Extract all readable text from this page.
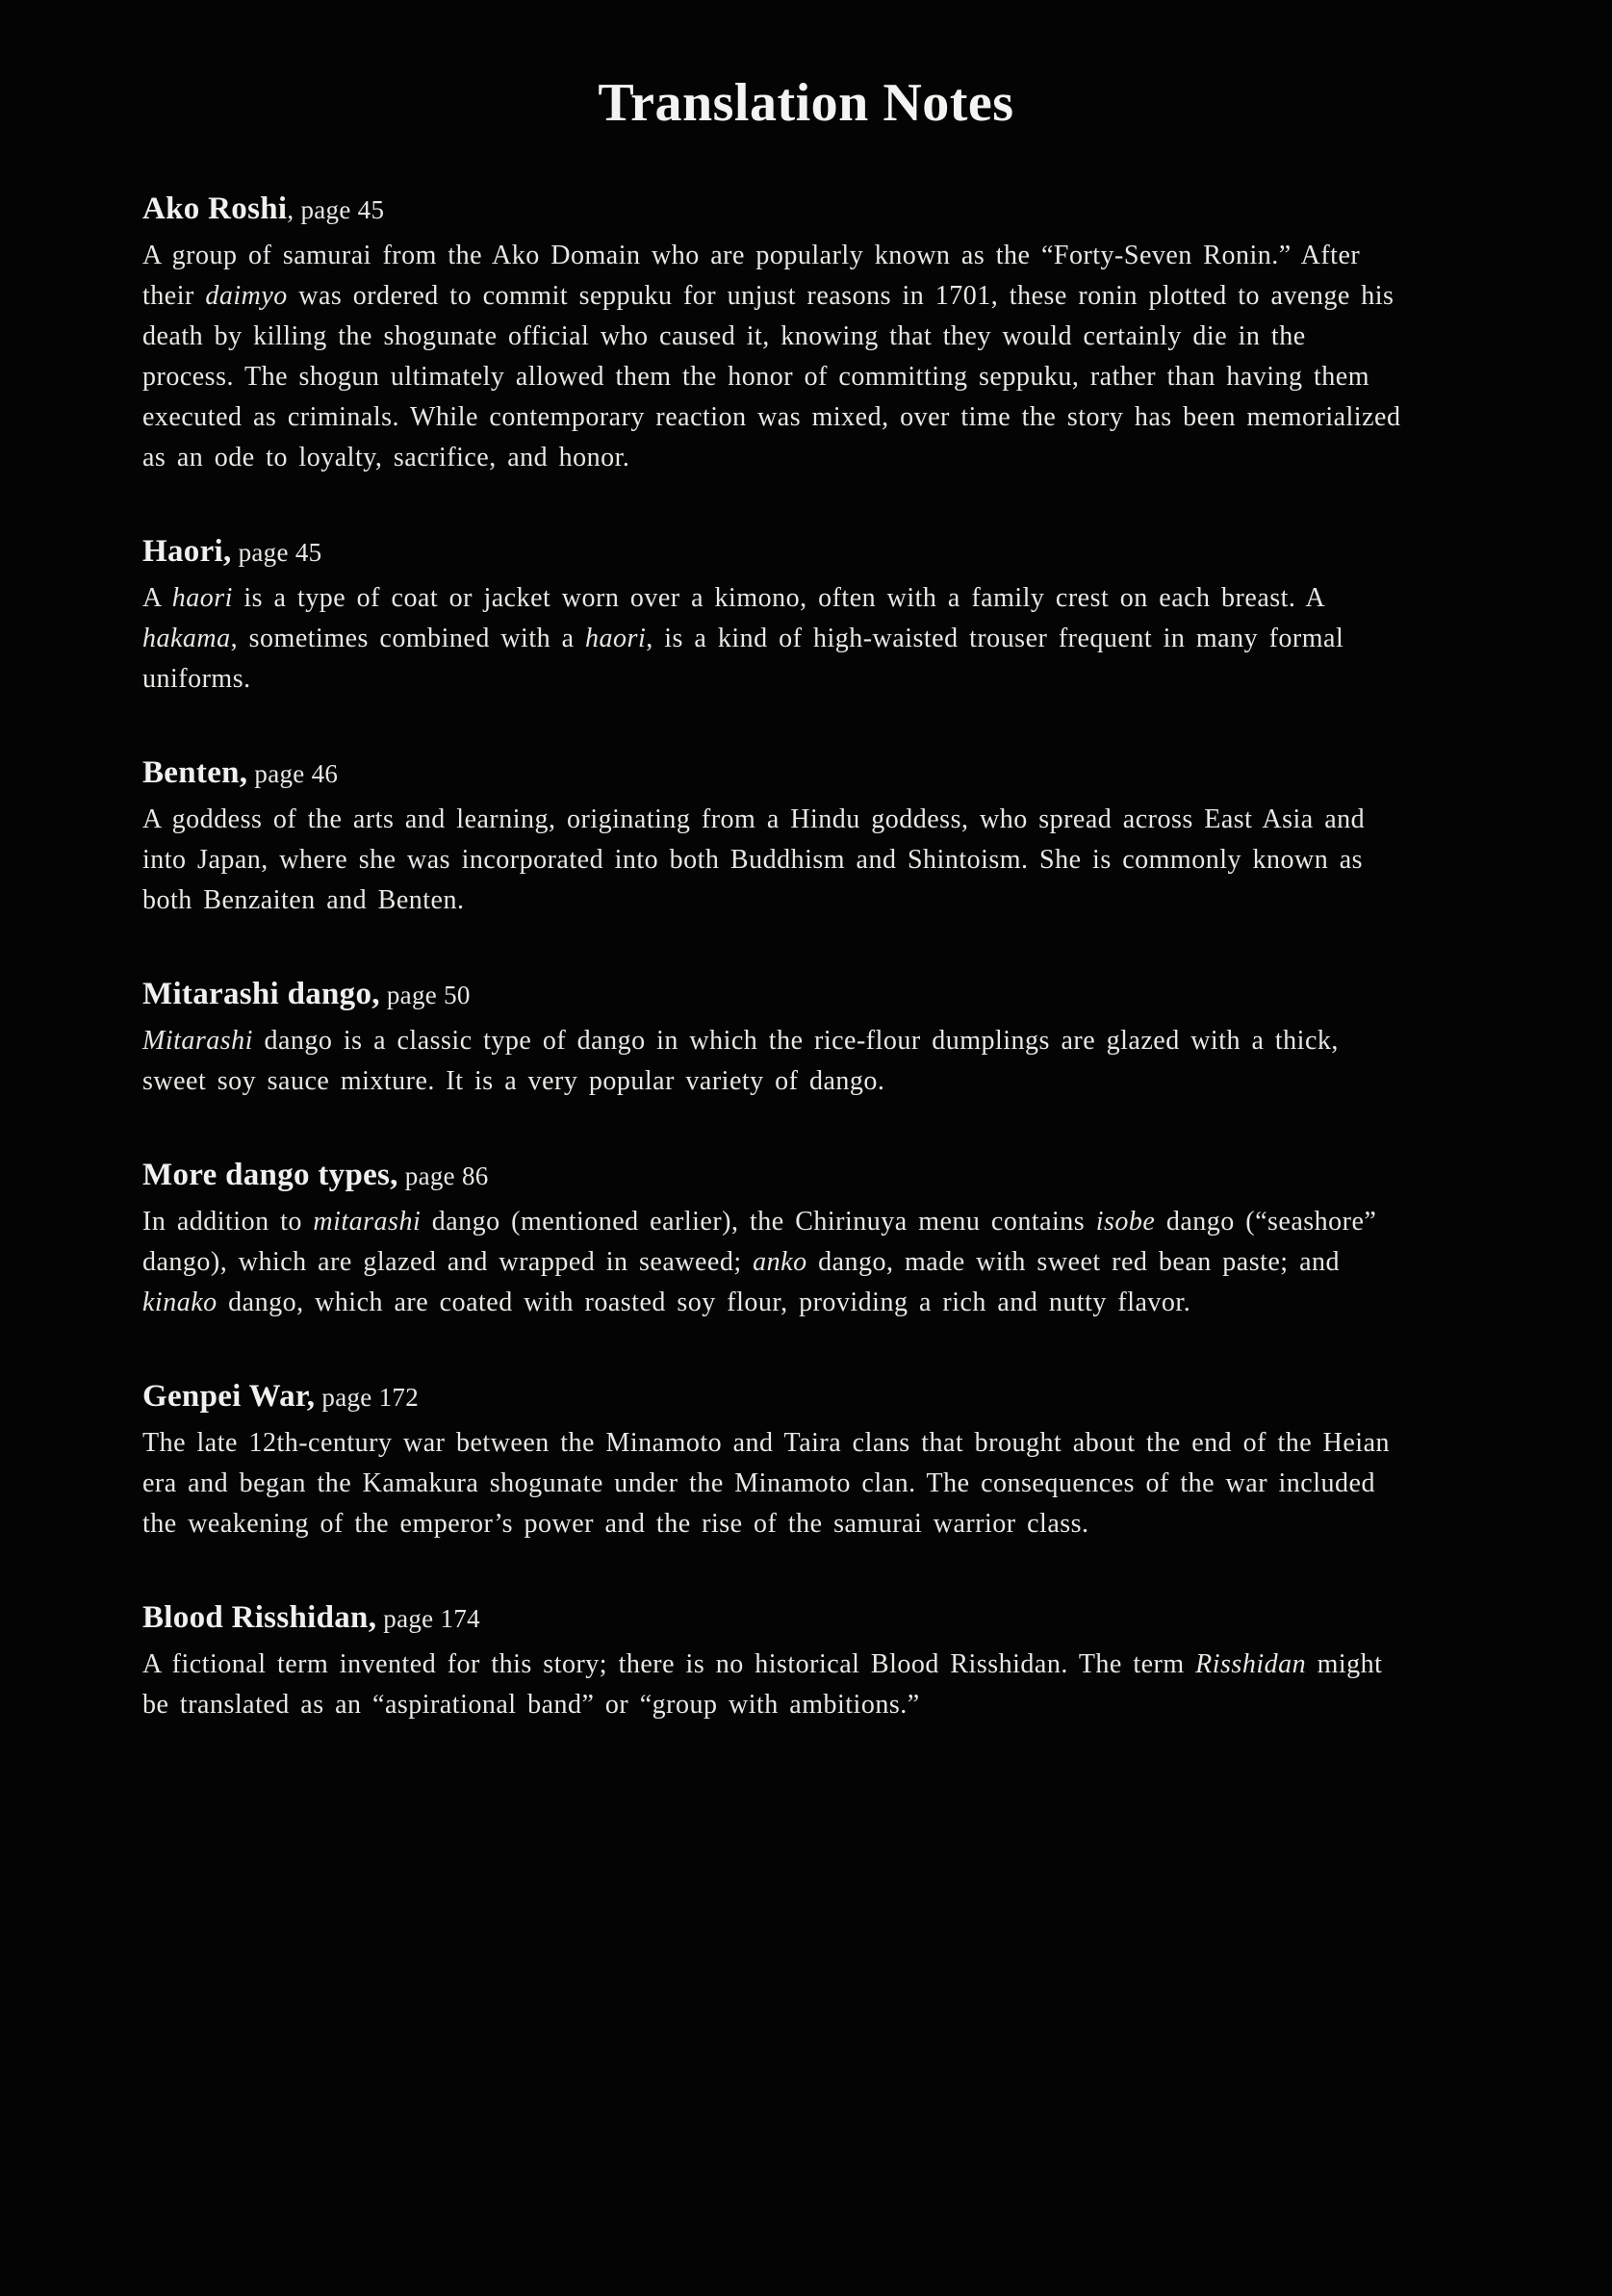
Translation Notes
Ako Roshi, page 45

A group of samurai from the Ako Domain who are popularly known as the “Forty-Seven Ronin.” After their daimyo was ordered to commit seppuku for unjust reasons in 1701, these ronin plotted to avenge his death by killing the shogunate official who caused it, knowing that they would certainly die in the process. The shogun ultimately allowed them the honor of committing seppuku, rather than having them executed as criminals. While contemporary reaction was mixed, over time the story has been memorialized as an ode to loyalty, sacrifice, and honor.

Haori, page 45

A haori is a type of coat or jacket worn over a kimono, often with a family crest on each breast. A hakama, sometimes combined with a haori, is a kind of high-waisted trouser frequent in many formal uniforms.

Benten, page 46

A goddess of the arts and learning, originating from a Hindu goddess, who spread across East Asia and into Japan, where she was incorporated into both Buddhism and Shintoism. She is commonly known as both Benzaiten and Benten.

Mitarashi dango, page 50

Mitarashi dango is a classic type of dango in which the rice-flour dumplings are glazed with a thick, sweet soy sauce mixture. It is a very popular variety of dango.

More dango types, page 86

In addition to mitarashi dango (mentioned earlier), the Chirinuya menu contains isobe dango (“seashore” dango), which are glazed and wrapped in seaweed; anko dango, made with sweet red bean paste; and kinako dango, which are coated with roasted soy flour, providing a rich and nutty flavor.

Genpei War, page 172

The late 12th-century war between the Minamoto and Taira clans that brought about the end of the Heian era and began the Kamakura shogunate under the Minamoto clan. The consequences of the war included the weakening of the emperor’s power and the rise of the samurai warrior class.

Blood Risshidan, page 174

A fictional term invented for this story; there is no historical Blood Risshidan. The term Risshidan might be translated as an “aspirational band” or “group with ambitions.”
